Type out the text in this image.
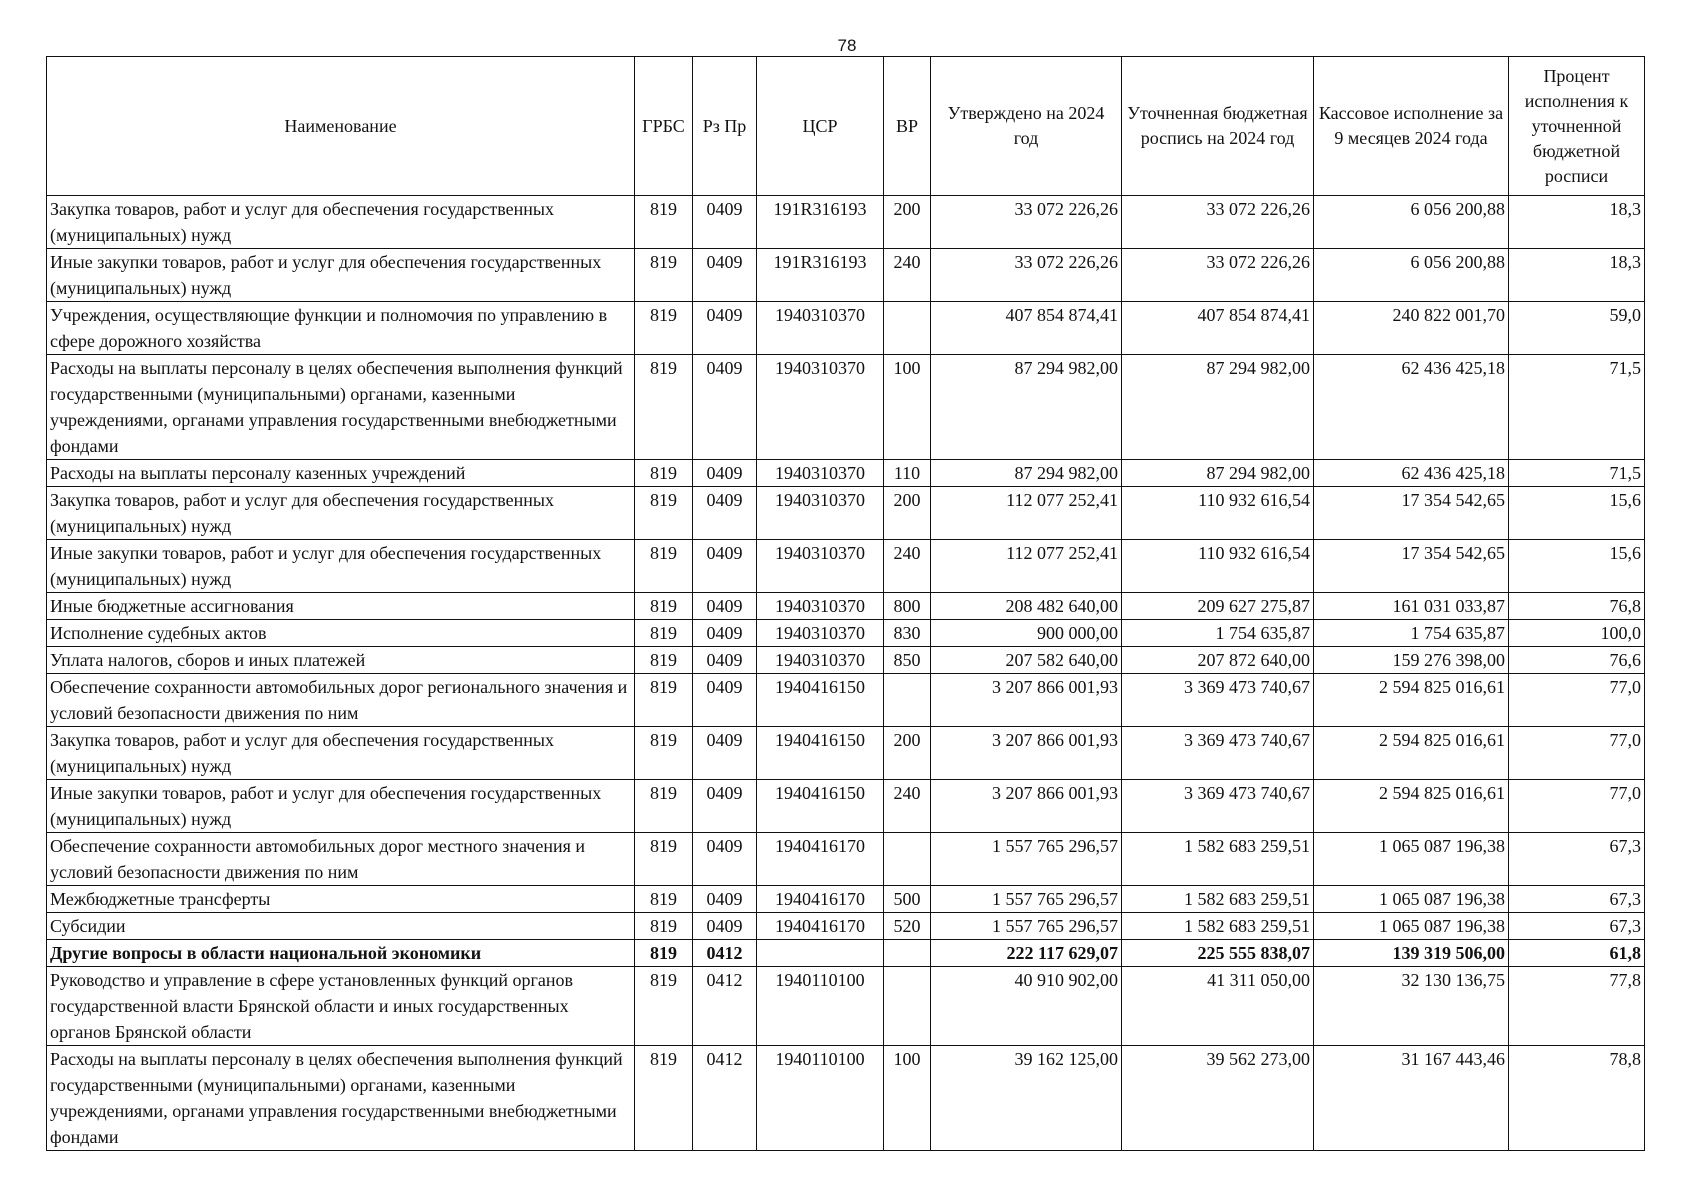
78
Наименование	ГРБС	Рз Пр	ЦСР	ВР	Утверждено на 2024 год	Уточненная бюджетная роспись на 2024 год	Кассовое исполнение за 9 месяцев 2024 года	Процент исполнения к уточненной бюджетной росписи
Закупка товаров, работ и услуг для обеспечения государственных (муниципальных) нужд	819	0409	191R316193	200	33 072 226,26	33 072 226,26	6 056 200,88	18,3
Иные закупки товаров, работ и услуг для обеспечения государственных (муниципальных) нужд	819	0409	191R316193	240	33 072 226,26	33 072 226,26	6 056 200,88	18,3
Учреждения, осуществляющие функции и полномочия по управлению в сфере дорожного хозяйства	819	0409	1940310370		407 854 874,41	407 854 874,41	240 822 001,70	59,0
Расходы на выплаты персоналу в целях обеспечения выполнения функций государственными (муниципальными) органами, казенными учреждениями, органами управления государственными внебюджетными фондами	819	0409	1940310370	100	87 294 982,00	87 294 982,00	62 436 425,18	71,5
Расходы на выплаты персоналу казенных учреждений	819	0409	1940310370	110	87 294 982,00	87 294 982,00	62 436 425,18	71,5
Закупка товаров, работ и услуг для обеспечения государственных (муниципальных) нужд	819	0409	1940310370	200	112 077 252,41	110 932 616,54	17 354 542,65	15,6
Иные закупки товаров, работ и услуг для обеспечения государственных (муниципальных) нужд	819	0409	1940310370	240	112 077 252,41	110 932 616,54	17 354 542,65	15,6
Иные бюджетные ассигнования	819	0409	1940310370	800	208 482 640,00	209 627 275,87	161 031 033,87	76,8
Исполнение судебных актов	819	0409	1940310370	830	900 000,00	1 754 635,87	1 754 635,87	100,0
Уплата налогов, сборов и иных платежей	819	0409	1940310370	850	207 582 640,00	207 872 640,00	159 276 398,00	76,6
Обеспечение сохранности автомобильных дорог регионального значения и условий безопасности движения по ним	819	0409	1940416150		3 207 866 001,93	3 369 473 740,67	2 594 825 016,61	77,0
Закупка товаров, работ и услуг для обеспечения государственных (муниципальных) нужд	819	0409	1940416150	200	3 207 866 001,93	3 369 473 740,67	2 594 825 016,61	77,0
Иные закупки товаров, работ и услуг для обеспечения государственных (муниципальных) нужд	819	0409	1940416150	240	3 207 866 001,93	3 369 473 740,67	2 594 825 016,61	77,0
Обеспечение сохранности автомобильных дорог местного значения и условий безопасности движения по ним	819	0409	1940416170		1 557 765 296,57	1 582 683 259,51	1 065 087 196,38	67,3
Межбюджетные трансферты	819	0409	1940416170	500	1 557 765 296,57	1 582 683 259,51	1 065 087 196,38	67,3
Субсидии	819	0409	1940416170	520	1 557 765 296,57	1 582 683 259,51	1 065 087 196,38	67,3
Другие вопросы в области национальной экономики	819	0412			222 117 629,07	225 555 838,07	139 319 506,00	61,8
Руководство и управление в сфере установленных функций органов государственной власти Брянской области и иных государственных органов Брянской области	819	0412	1940110100		40 910 902,00	41 311 050,00	32 130 136,75	77,8
Расходы на выплаты персоналу в целях обеспечения выполнения функций государственными (муниципальными) органами, казенными учреждениями, органами управления государственными внебюджетными фондами	819	0412	1940110100	100	39 162 125,00	39 562 273,00	31 167 443,46	78,8
